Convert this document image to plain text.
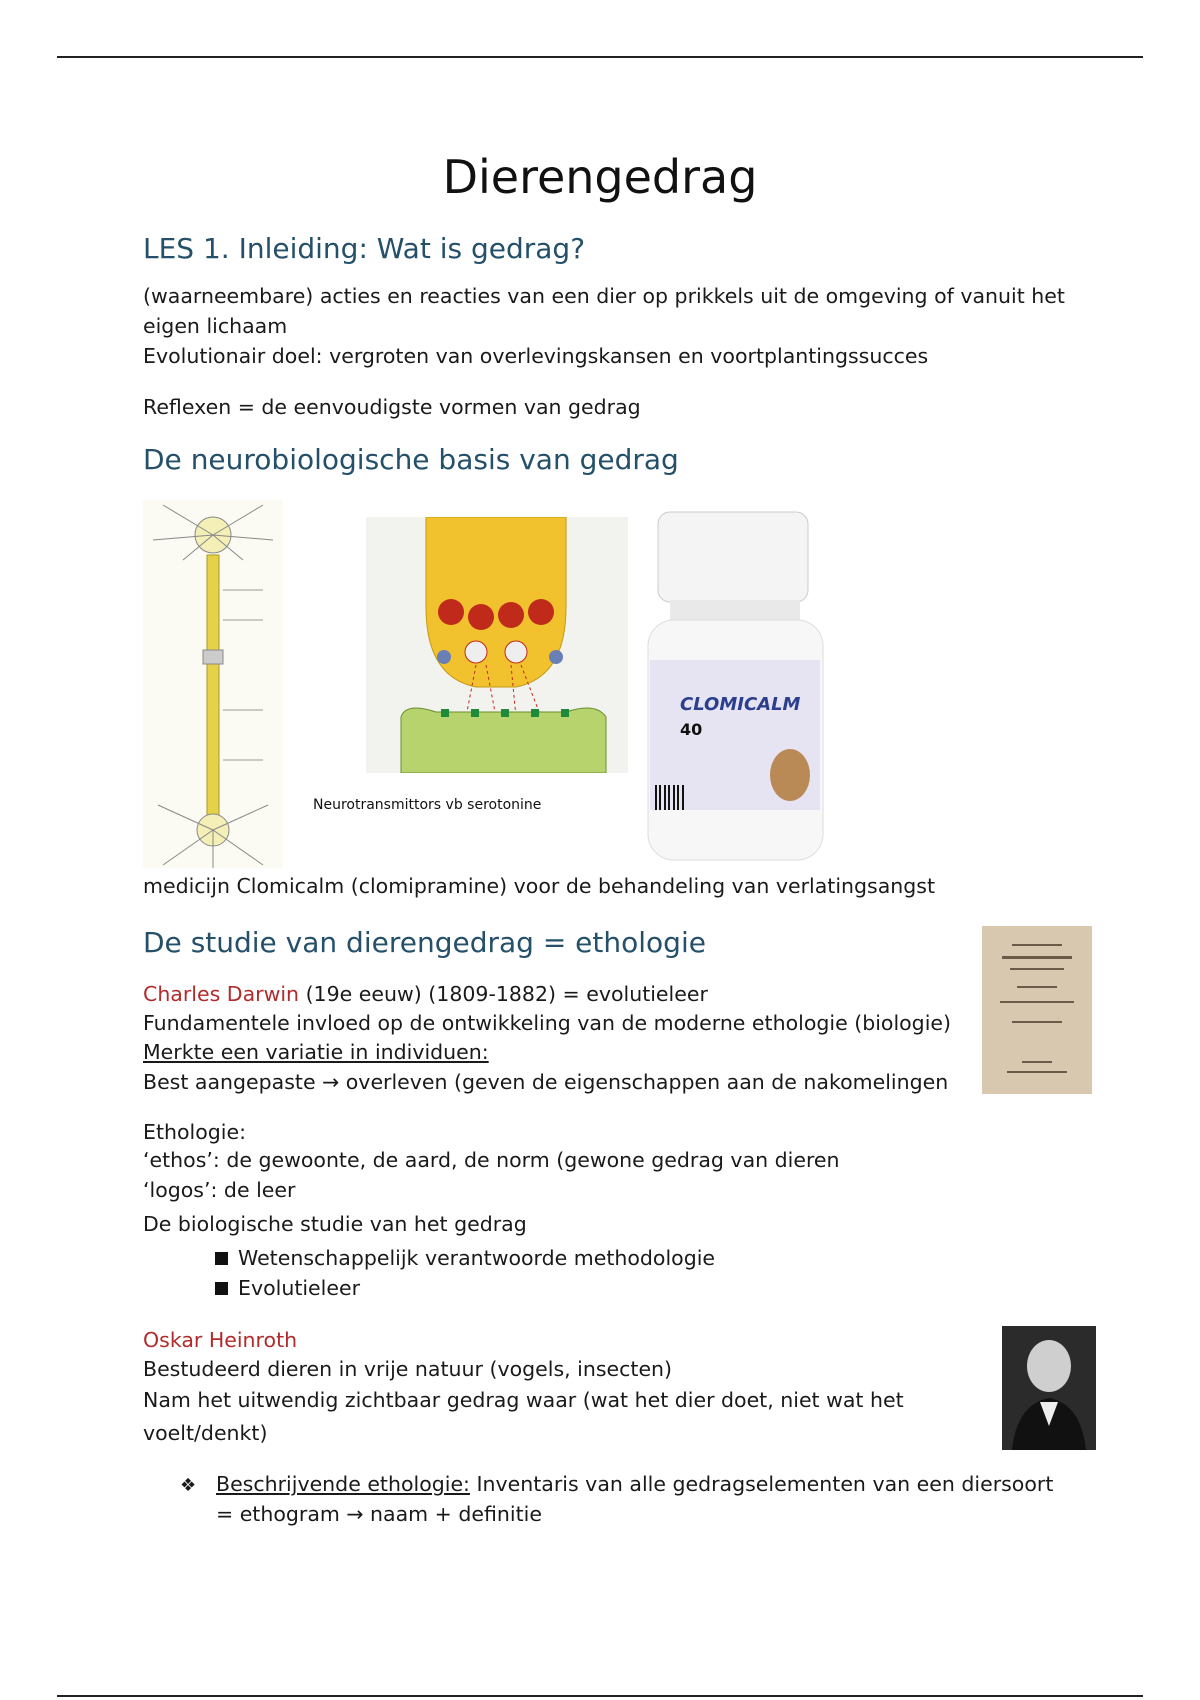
Dierengedrag
LES 1. Inleiding: Wat is gedrag?
(waarneembare) acties en reacties van een dier op prikkels uit de omgeving of vanuit het
eigen lichaam
Evolutionair doel: vergroten van overlevingskansen en voortplantingssucces
Reflexen = de eenvoudigste vormen van gedrag
De neurobiologische basis van gedrag
Neurotransmittors vb serotonine
CLOMICALM
40
medicijn Clomicalm (clomipramine) voor de behandeling van verlatingsangst
De studie van dierengedrag = ethologie
Charles Darwin (19e eeuw) (1809-1882) = evolutieleer
Fundamentele invloed op de ontwikkeling van de moderne ethologie (biologie)
Merkte een variatie in individuen:
Best aangepaste → overleven (geven de eigenschappen aan de nakomelingen
Ethologie:
‘ethos’: de gewoonte, de aard, de norm (gewone gedrag van dieren
‘logos’: de leer
De biologische studie van het gedrag
Wetenschappelijk verantwoorde methodologie
Evolutieleer
Oskar Heinroth
Bestudeerd dieren in vrije natuur (vogels, insecten)
Nam het uitwendig zichtbaar gedrag waar (wat het dier doet, niet wat het
voelt/denkt)
❖ Beschrijvende ethologie: Inventaris van alle gedragselementen van een diersoort
= ethogram → naam + definitie
